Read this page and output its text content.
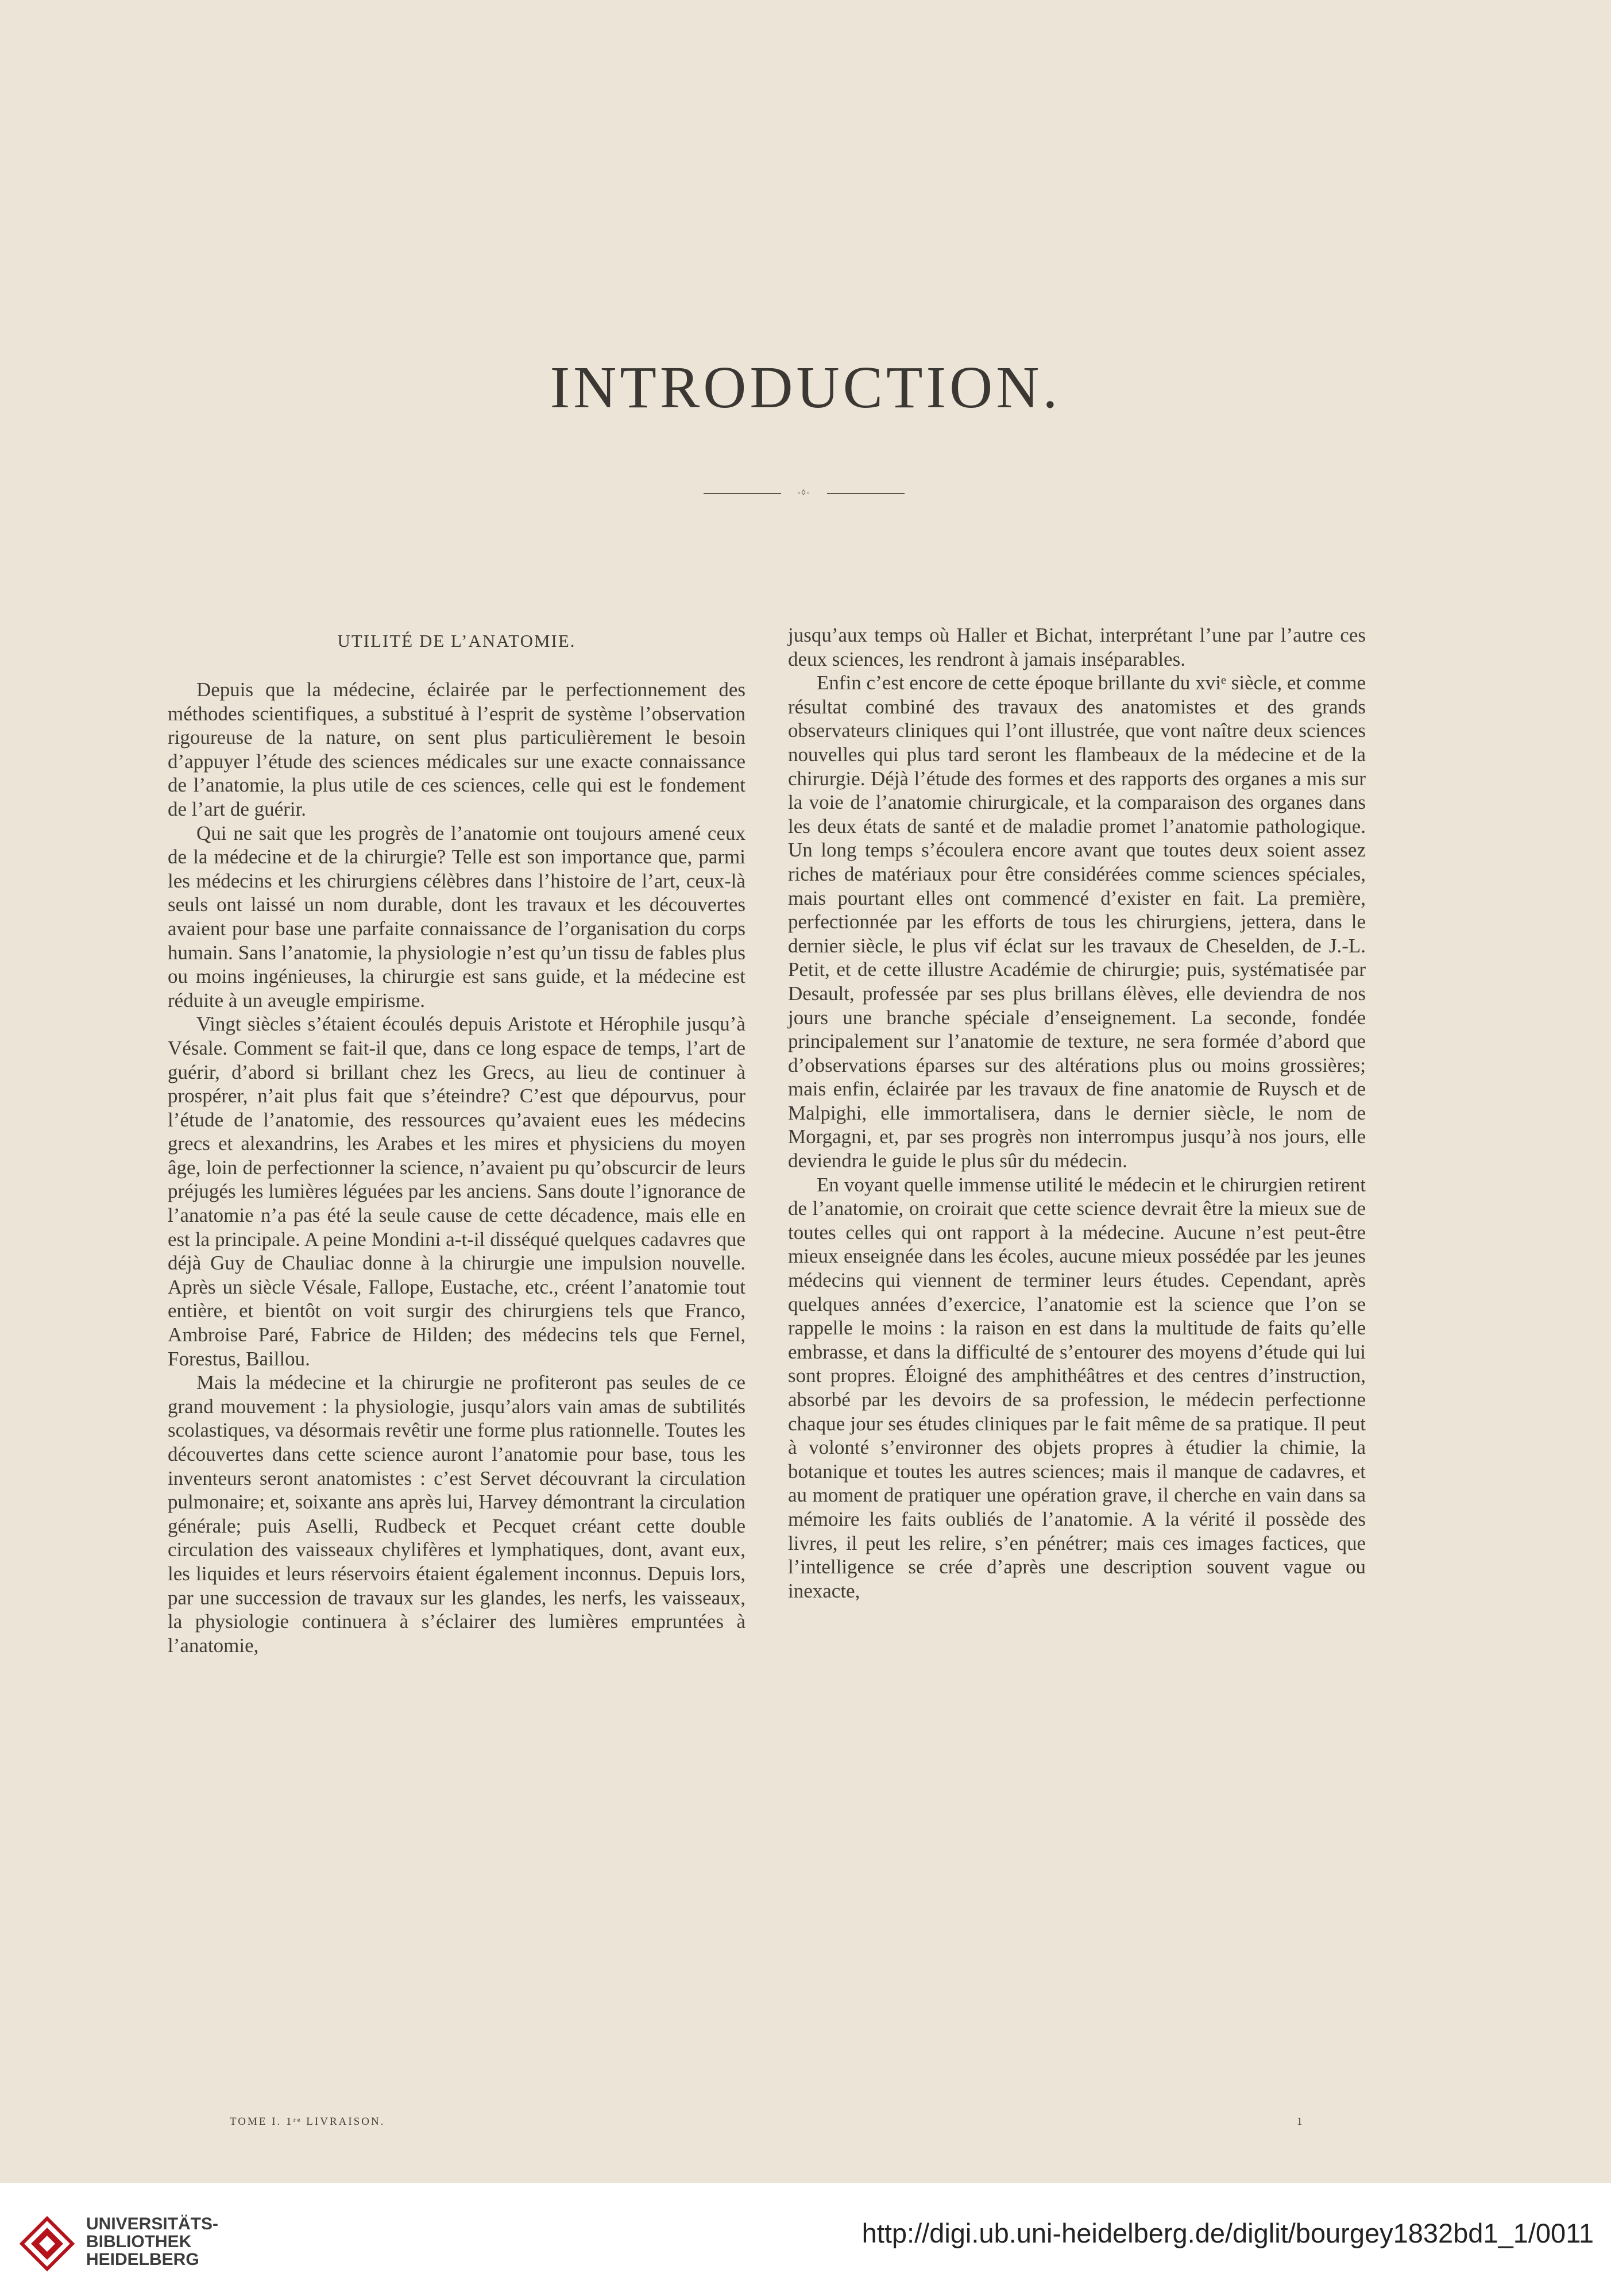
INTRODUCTION.
◦◊◦
UTILITÉ DE L’ANATOMIE.

Depuis que la médecine, éclairée par le perfectionnement des méthodes scientifiques, a substitué à l’esprit de système l’observation rigoureuse de la nature, on sent plus particulièrement le besoin d’appuyer l’étude des sciences médicales sur une exacte connaissance de l’anatomie, la plus utile de ces sciences, celle qui est le fondement de l’art de guérir.

Qui ne sait que les progrès de l’anatomie ont toujours amené ceux de la médecine et de la chirurgie? Telle est son importance que, parmi les médecins et les chirurgiens célèbres dans l’histoire de l’art, ceux-là seuls ont laissé un nom durable, dont les travaux et les découvertes avaient pour base une parfaite connaissance de l’organisation du corps humain. Sans l’anatomie, la physiologie n’est qu’un tissu de fables plus ou moins ingénieuses, la chirurgie est sans guide, et la médecine est réduite à un aveugle empirisme.

Vingt siècles s’étaient écoulés depuis Aristote et Hérophile jusqu’à Vésale. Comment se fait-il que, dans ce long espace de temps, l’art de guérir, d’abord si brillant chez les Grecs, au lieu de continuer à prospérer, n’ait plus fait que s’éteindre? C’est que dépourvus, pour l’étude de l’anatomie, des ressources qu’avaient eues les médecins grecs et alexandrins, les Arabes et les mires et physiciens du moyen âge, loin de perfectionner la science, n’avaient pu qu’obscurcir de leurs préjugés les lumières léguées par les anciens. Sans doute l’ignorance de l’anatomie n’a pas été la seule cause de cette décadence, mais elle en est la principale. A peine Mondini a-t-il disséqué quelques cadavres que déjà Guy de Chauliac donne à la chirurgie une impulsion nouvelle. Après un siècle Vésale, Fallope, Eustache, etc., créent l’anatomie tout entière, et bientôt on voit surgir des chirurgiens tels que Franco, Ambroise Paré, Fabrice de Hilden; des médecins tels que Fernel, Forestus, Baillou.

Mais la médecine et la chirurgie ne profiteront pas seules de ce grand mouvement : la physiologie, jusqu’alors vain amas de subtilités scolastiques, va désormais revêtir une forme plus rationnelle. Toutes les découvertes dans cette science auront l’anatomie pour base, tous les inventeurs seront anatomistes : c’est Servet découvrant la circulation pulmonaire; et, soixante ans après lui, Harvey démontrant la circulation générale; puis Aselli, Rudbeck et Pecquet créant cette double circulation des vaisseaux chylifères et lymphatiques, dont, avant eux, les liquides et leurs réservoirs étaient également inconnus. Depuis lors, par une succession de travaux sur les glandes, les nerfs, les vaisseaux, la physiologie continuera à s’éclairer des lumières empruntées à l’anatomie,

jusqu’aux temps où Haller et Bichat, interprétant l’une par l’autre ces deux sciences, les rendront à jamais inséparables.

Enfin c’est encore de cette époque brillante du xviᵉ siècle, et comme résultat combiné des travaux des anatomistes et des grands observateurs cliniques qui l’ont illustrée, que vont naître deux sciences nouvelles qui plus tard seront les flambeaux de la médecine et de la chirurgie. Déjà l’étude des formes et des rapports des organes a mis sur la voie de l’anatomie chirurgicale, et la comparaison des organes dans les deux états de santé et de maladie promet l’anatomie pathologique. Un long temps s’écoulera encore avant que toutes deux soient assez riches de matériaux pour être considérées comme sciences spéciales, mais pourtant elles ont commencé d’exister en fait. La première, perfectionnée par les efforts de tous les chirurgiens, jettera, dans le dernier siècle, le plus vif éclat sur les travaux de Cheselden, de J.-L. Petit, et de cette illustre Académie de chirurgie; puis, systématisée par Desault, professée par ses plus brillans élèves, elle deviendra de nos jours une branche spéciale d’enseignement. La seconde, fondée principalement sur l’anatomie de texture, ne sera formée d’abord que d’observations éparses sur des altérations plus ou moins grossières; mais enfin, éclairée par les travaux de fine anatomie de Ruysch et de Malpighi, elle immortalisera, dans le dernier siècle, le nom de Morgagni, et, par ses progrès non interrompus jusqu’à nos jours, elle deviendra le guide le plus sûr du médecin.

En voyant quelle immense utilité le médecin et le chirurgien retirent de l’anatomie, on croirait que cette science devrait être la mieux sue de toutes celles qui ont rapport à la médecine. Aucune n’est peut-être mieux enseignée dans les écoles, aucune mieux possédée par les jeunes médecins qui viennent de terminer leurs études. Cependant, après quelques années d’exercice, l’anatomie est la science que l’on se rappelle le moins : la raison en est dans la multitude de faits qu’elle embrasse, et dans la difficulté de s’entourer des moyens d’étude qui lui sont propres. Éloigné des amphithéâtres et des centres d’instruction, absorbé par les devoirs de sa profession, le médecin perfectionne chaque jour ses études cliniques par le fait même de sa pratique. Il peut à volonté s’environner des objets propres à étudier la chimie, la botanique et toutes les autres sciences; mais il manque de cadavres, et au moment de pratiquer une opération grave, il cherche en vain dans sa mémoire les faits oubliés de l’anatomie. A la vérité il possède des livres, il peut les relire, s’en pénétrer; mais ces images factices, que l’intelligence se crée d’après une description souvent vague ou inexacte,

TOME I. 1ʳᵉ LIVRAISON.	1
UNIVERSITÄTS-
BIBLIOTHEK
HEIDELBERG
http://digi.ub.uni-heidelberg.de/diglit/bourgey1832bd1_1/0011
